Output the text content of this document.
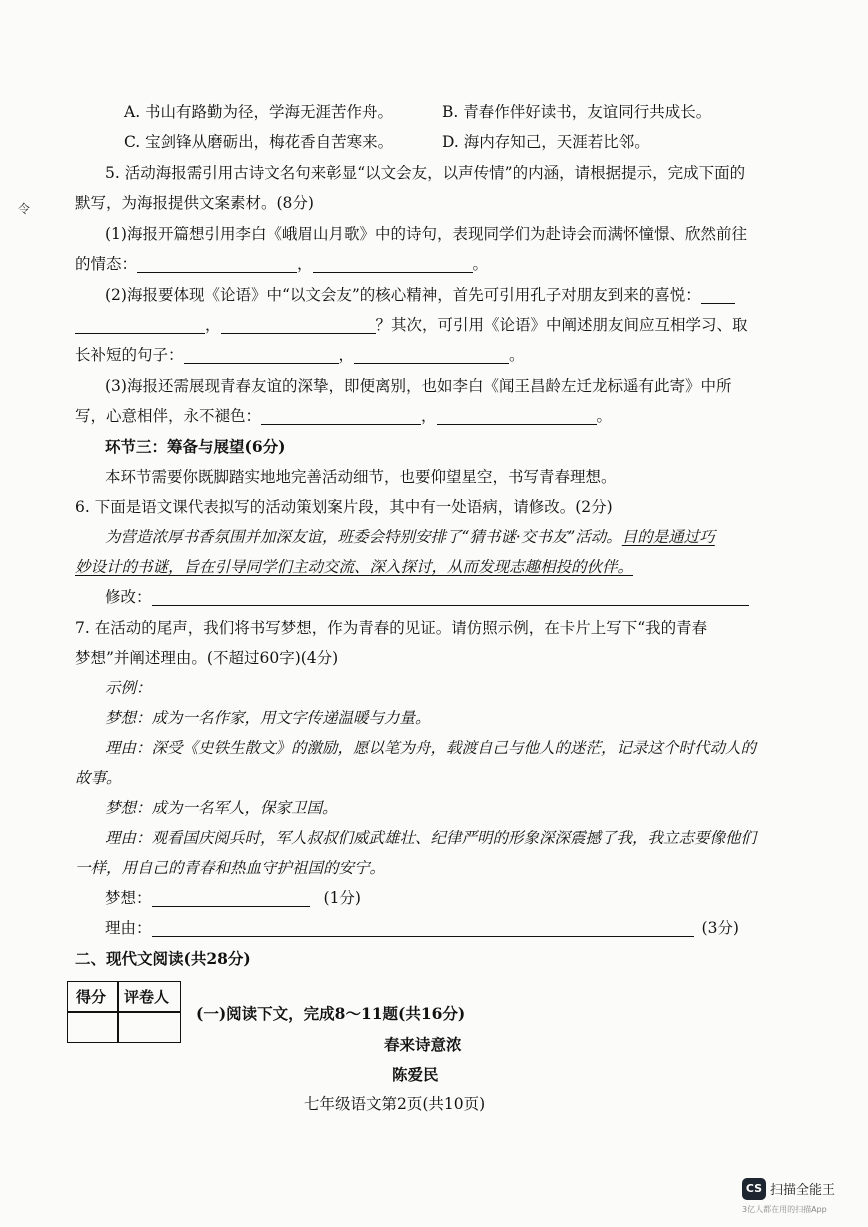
令
A. 书山有路勤为径，学海无涯苦作舟。	B. 青春作伴好读书，友谊同行共成长。
C. 宝剑锋从磨砺出，梅花香自苦寒来。	D. 海内存知己，天涯若比邻。
5. 活动海报需引用古诗文名句来彰显“以文会友，以声传情”的内涵，请根据提示，完成下面的
默写，为海报提供文案素材。(8分)
(1)海报开篇想引用李白《峨眉山月歌》中的诗句，表现同学们为赴诗会而满怀憧憬、欣然前往
的情态：	，	。
(2)海报要体现《论语》中“以文会友”的核心精神，首先可引用孔子对朋友到来的喜悦：
，	？其次，可引用《论语》中阐述朋友间应互相学习、取
长补短的句子：	，	。
(3)海报还需展现青春友谊的深挚，即便离别，也如李白《闻王昌龄左迁龙标遥有此寄》中所
写，心意相伴，永不褪色：	，	。
环节三：筹备与展望(6分)
本环节需要你既脚踏实地地完善活动细节，也要仰望星空，书写青春理想。
6. 下面是语文课代表拟写的活动策划案片段，其中有一处语病，请修改。(2分)
为营造浓厚书香氛围并加深友谊，班委会特别安排了“猜书谜·交书友”活动。目的是通过巧
妙设计的书谜，旨在引导同学们主动交流、深入探讨，从而发现志趣相投的伙伴。
修改：
7. 在活动的尾声，我们将书写梦想，作为青春的见证。请仿照示例，在卡片上写下“我的青春
梦想”并阐述理由。(不超过60字)(4分)
示例：
梦想：成为一名作家，用文字传递温暖与力量。
理由：深受《史铁生散文》的激励，愿以笔为舟，载渡自己与他人的迷茫，记录这个时代动人的
故事。
梦想：成为一名军人，保家卫国。
理由：观看国庆阅兵时，军人叔叔们威武雄壮、纪律严明的形象深深震撼了我，我立志要像他们
一样，用自己的青春和热血守护祖国的安宁。
梦想：	(1分)
理由：	(3分)
二、现代文阅读(共28分)
得分 评卷人
(一)阅读下文，完成8～11题(共16分)
春来诗意浓
陈爱民
七年级语文第2页(共10页)
CS 扫描全能王
3亿人都在用的扫描App
